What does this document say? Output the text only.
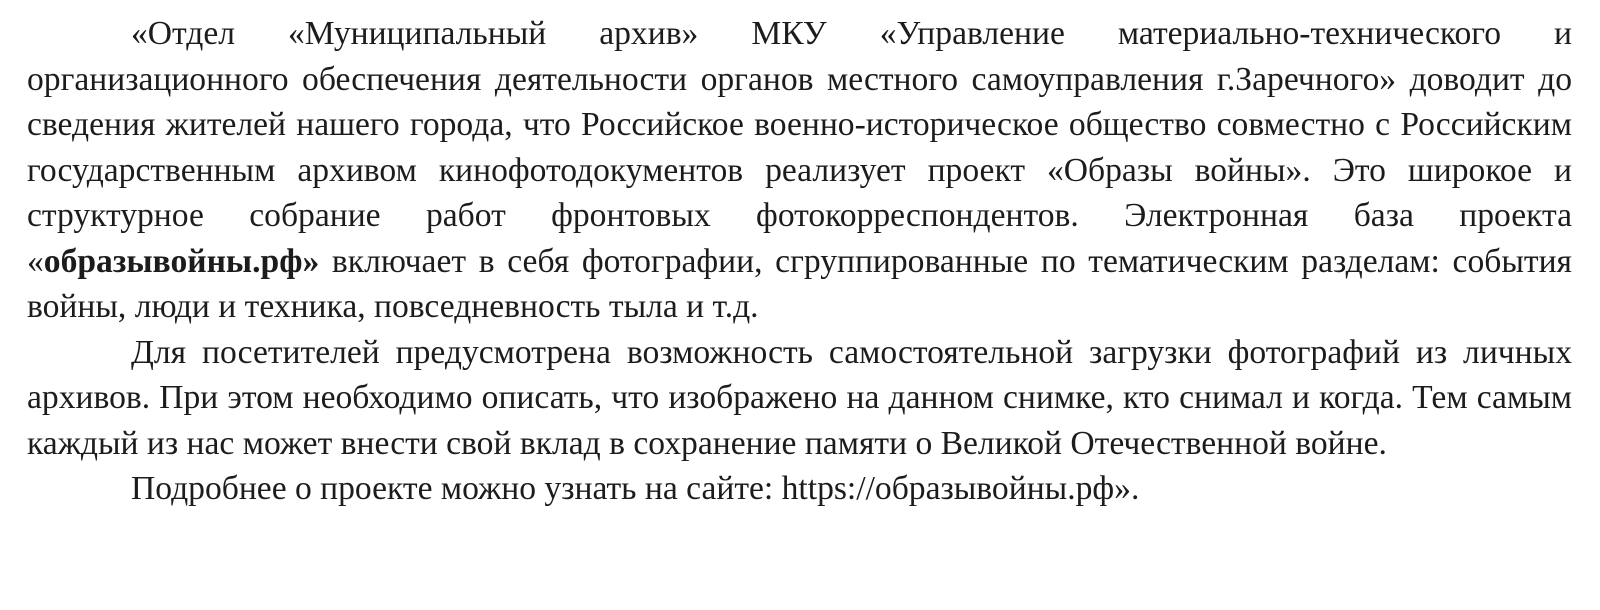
«Отдел «Муниципальный архив» МКУ «Управление материально-технического и организационного обеспечения деятельности органов местного самоуправления г.Заречного» доводит до сведения жителей нашего города, что Российское военно-историческое общество совместно с Российским государственным архивом кинофотодокументов реализует проект «Образы войны». Это широкое и структурное собрание работ фронтовых фотокорреспондентов. Электронная база проекта «образывойны.рф» включает в себя фотографии, сгруппированные по тематическим разделам: события войны, люди и техника, повседневность тыла и т.д.

Для посетителей предусмотрена возможность самостоятельной загрузки фотографий из личных архивов. При этом необходимо описать, что изображено на данном снимке, кто снимал и когда. Тем самым каждый из нас может внести свой вклад в сохранение памяти о Великой Отечественной войне.

Подробнее о проекте можно узнать на сайте: https://образывойны.рф».
